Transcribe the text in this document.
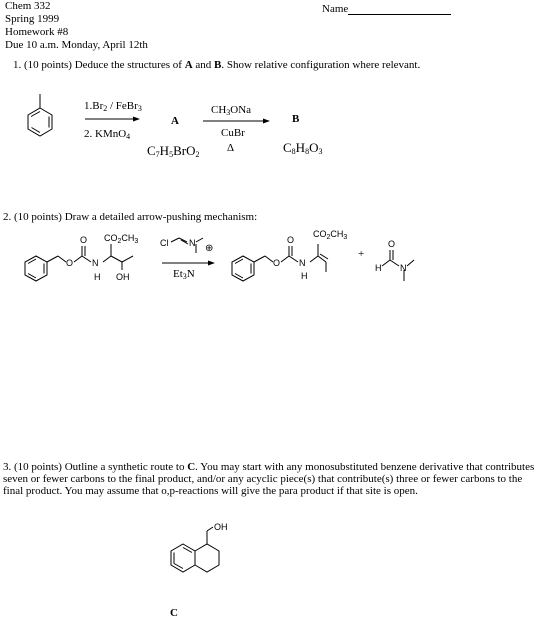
Chem 332
Spring 1999
Homework #8
Due 10 a.m. Monday, April 12th
Name
1. (10 points) Deduce the structures of A and B. Show relative configuration where relevant.
$1.Br_2$ / FeBr$_3$
2. KMnO$_4$
A
$C_7H_5BrO_2$
$CH_3ONa$
CuBr
Δ
B
$C_8H_8O_3$
2. (10 points) Draw a detailed arrow-pushing mechanism:
O
O
N
H OH
$CO_2CH_3$ Cl N ⊕
$Et_3N$
O
O
N
H
$CO_2CH_3$
+
H
O
N
3. (10 points) Outline a synthetic route to C. You may start with any monosubstituted benzene derivative that contributes seven or fewer carbons to the final product, and/or any acyclic piece(s) that contribute(s) three or fewer carbons to the final product. You may assume that o,p-reactions will give the para product if that site is open.
OH
C
